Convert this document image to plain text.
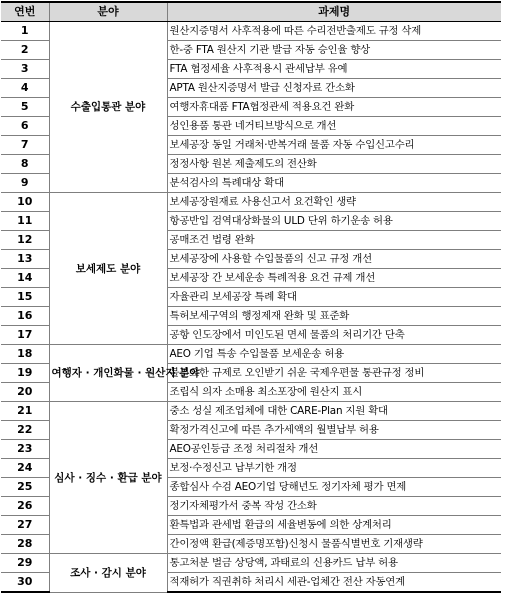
연번	분야	과제명
1	수출입통관 분야	원산지증명서 사후적용에 따른 수리전반출제도 규정 삭제
2		한-중 FTA 원산지 기관 발급 자동 승인율 향상
3		FTA 협정세율 사후적용시 관세납부 유예
4		APTA 원산지증명서 발급 신청자료 간소화
5		여행자휴대품 FTA협정관세 적용요건 완화
6		성인용품 통관 네거티브방식으로 개선
7		보세공장 동일 거래처·반복거래 물품 자동 수입신고수리
8		정정사항 원본 제출제도의 전산화
9		분석검사의 특례대상 확대
10	보세제도 분야	보세공장원재료 사용신고서 요건확인 생략
11		항공반입 검역대상화물의 ULD 단위 하기운송 허용
12		공매조건 법령 완화
13		보세공장에 사용할 수입물품의 신고 규정 개선
14		보세공장 간 보세운송 특례적용 요건 규제 개선
15		자율관리 보세공장 특례 확대
16		특허보세구역의 행정제재 완화 및 표준화
17		공항 인도장에서 미인도된 면세 물품의 처리기간 단축
18	여행자 · 개인화물 · 원산지 분야	AEO 기업 특송 수입물품 보세운송 허용
19		불필요한 규제로 오인받기 쉬운 국제우편물 통관규정 정비
20		조립식 의자 소매용 최소포장에 원산지 표시
21	심사 · 징수 · 환급 분야	중소 성실 제조업체에 대한 CARE-Plan 지원 확대
22		확정가격신고에 따른 추가세액의 월별납부 허용
23		AEO공인등급 조정 처리절차 개선
24		보정·수정신고 납부기한 개정
25		종합심사 수검 AEO기업 당해년도 정기자체 평가 면제
26		정기자체평가서 중복 작성 간소화
27		환특법과 관세법 환급의 세율변동에 의한 상계처리
28		간이정액 환급(제증명포함)신청시 물품식별번호 기재생략
29	조사 · 감시 분야	통고처분 벌금 상당액, 과태료의 신용카드 납부 허용
30		적재허가 직권취하 처리시 세관-업체간 전산 자동연계
